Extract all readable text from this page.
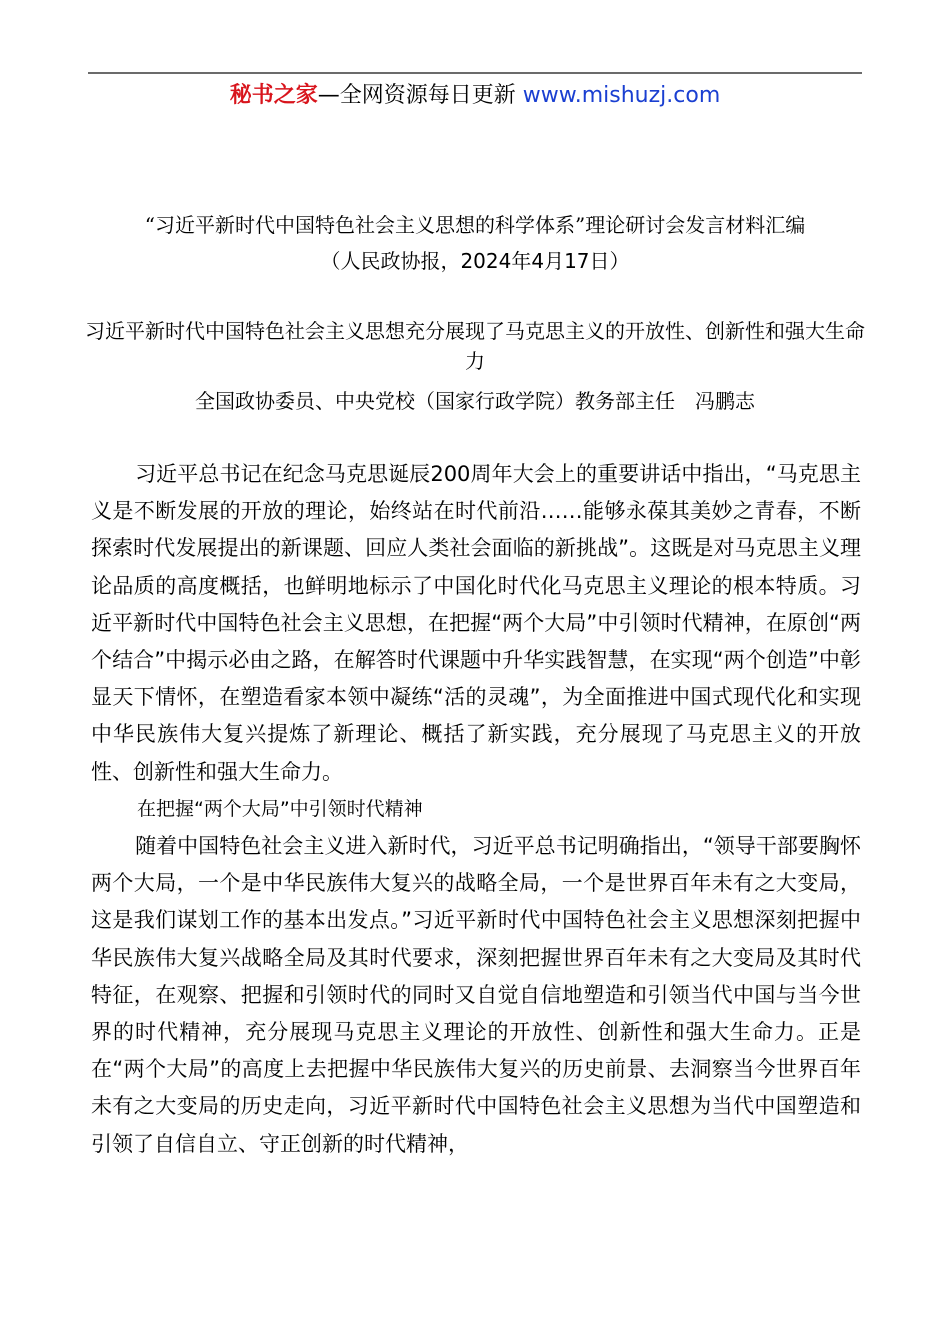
秘书之家—全网资源每日更新 www.mishuzj.com
“习近平新时代中国特色社会主义思想的科学体系”理论研讨会发言材料汇编
（人民政协报，2024年4月17日）
习近平新时代中国特色社会主义思想充分展现了马克思主义的开放性、创新性和强大生命力
全国政协委员、中央党校（国家行政学院）教务部主任　冯鹏志

习近平总书记在纪念马克思诞辰200周年大会上的重要讲话中指出，“马克思主义是不断发展的开放的理论，始终站在时代前沿……能够永葆其美妙之青春，不断探索时代发展提出的新课题、回应人类社会面临的新挑战”。这既是对马克思主义理论品质的高度概括，也鲜明地标示了中国化时代化马克思主义理论的根本特质。习近平新时代中国特色社会主义思想，在把握“两个大局”中引领时代精神，在原创“两个结合”中揭示必由之路，在解答时代课题中升华实践智慧，在实现“两个创造”中彰显天下情怀，在塑造看家本领中凝练“活的灵魂”，为全面推进中国式现代化和实现中华民族伟大复兴提炼了新理论、概括了新实践，充分展现了马克思主义的开放性、创新性和强大生命力。

在把握“两个大局”中引领时代精神

随着中国特色社会主义进入新时代，习近平总书记明确指出，“领导干部要胸怀两个大局，一个是中华民族伟大复兴的战略全局，一个是世界百年未有之大变局，这是我们谋划工作的基本出发点。”习近平新时代中国特色社会主义思想深刻把握中华民族伟大复兴战略全局及其时代要求，深刻把握世界百年未有之大变局及其时代特征，在观察、把握和引领时代的同时又自觉自信地塑造和引领当代中国与当今世界的时代精神，充分展现马克思主义理论的开放性、创新性和强大生命力。正是在“两个大局”的高度上去把握中华民族伟大复兴的历史前景、去洞察当今世界百年未有之大变局的历史走向，习近平新时代中国特色社会主义思想为当代中国塑造和引领了自信自立、守正创新的时代精神，
